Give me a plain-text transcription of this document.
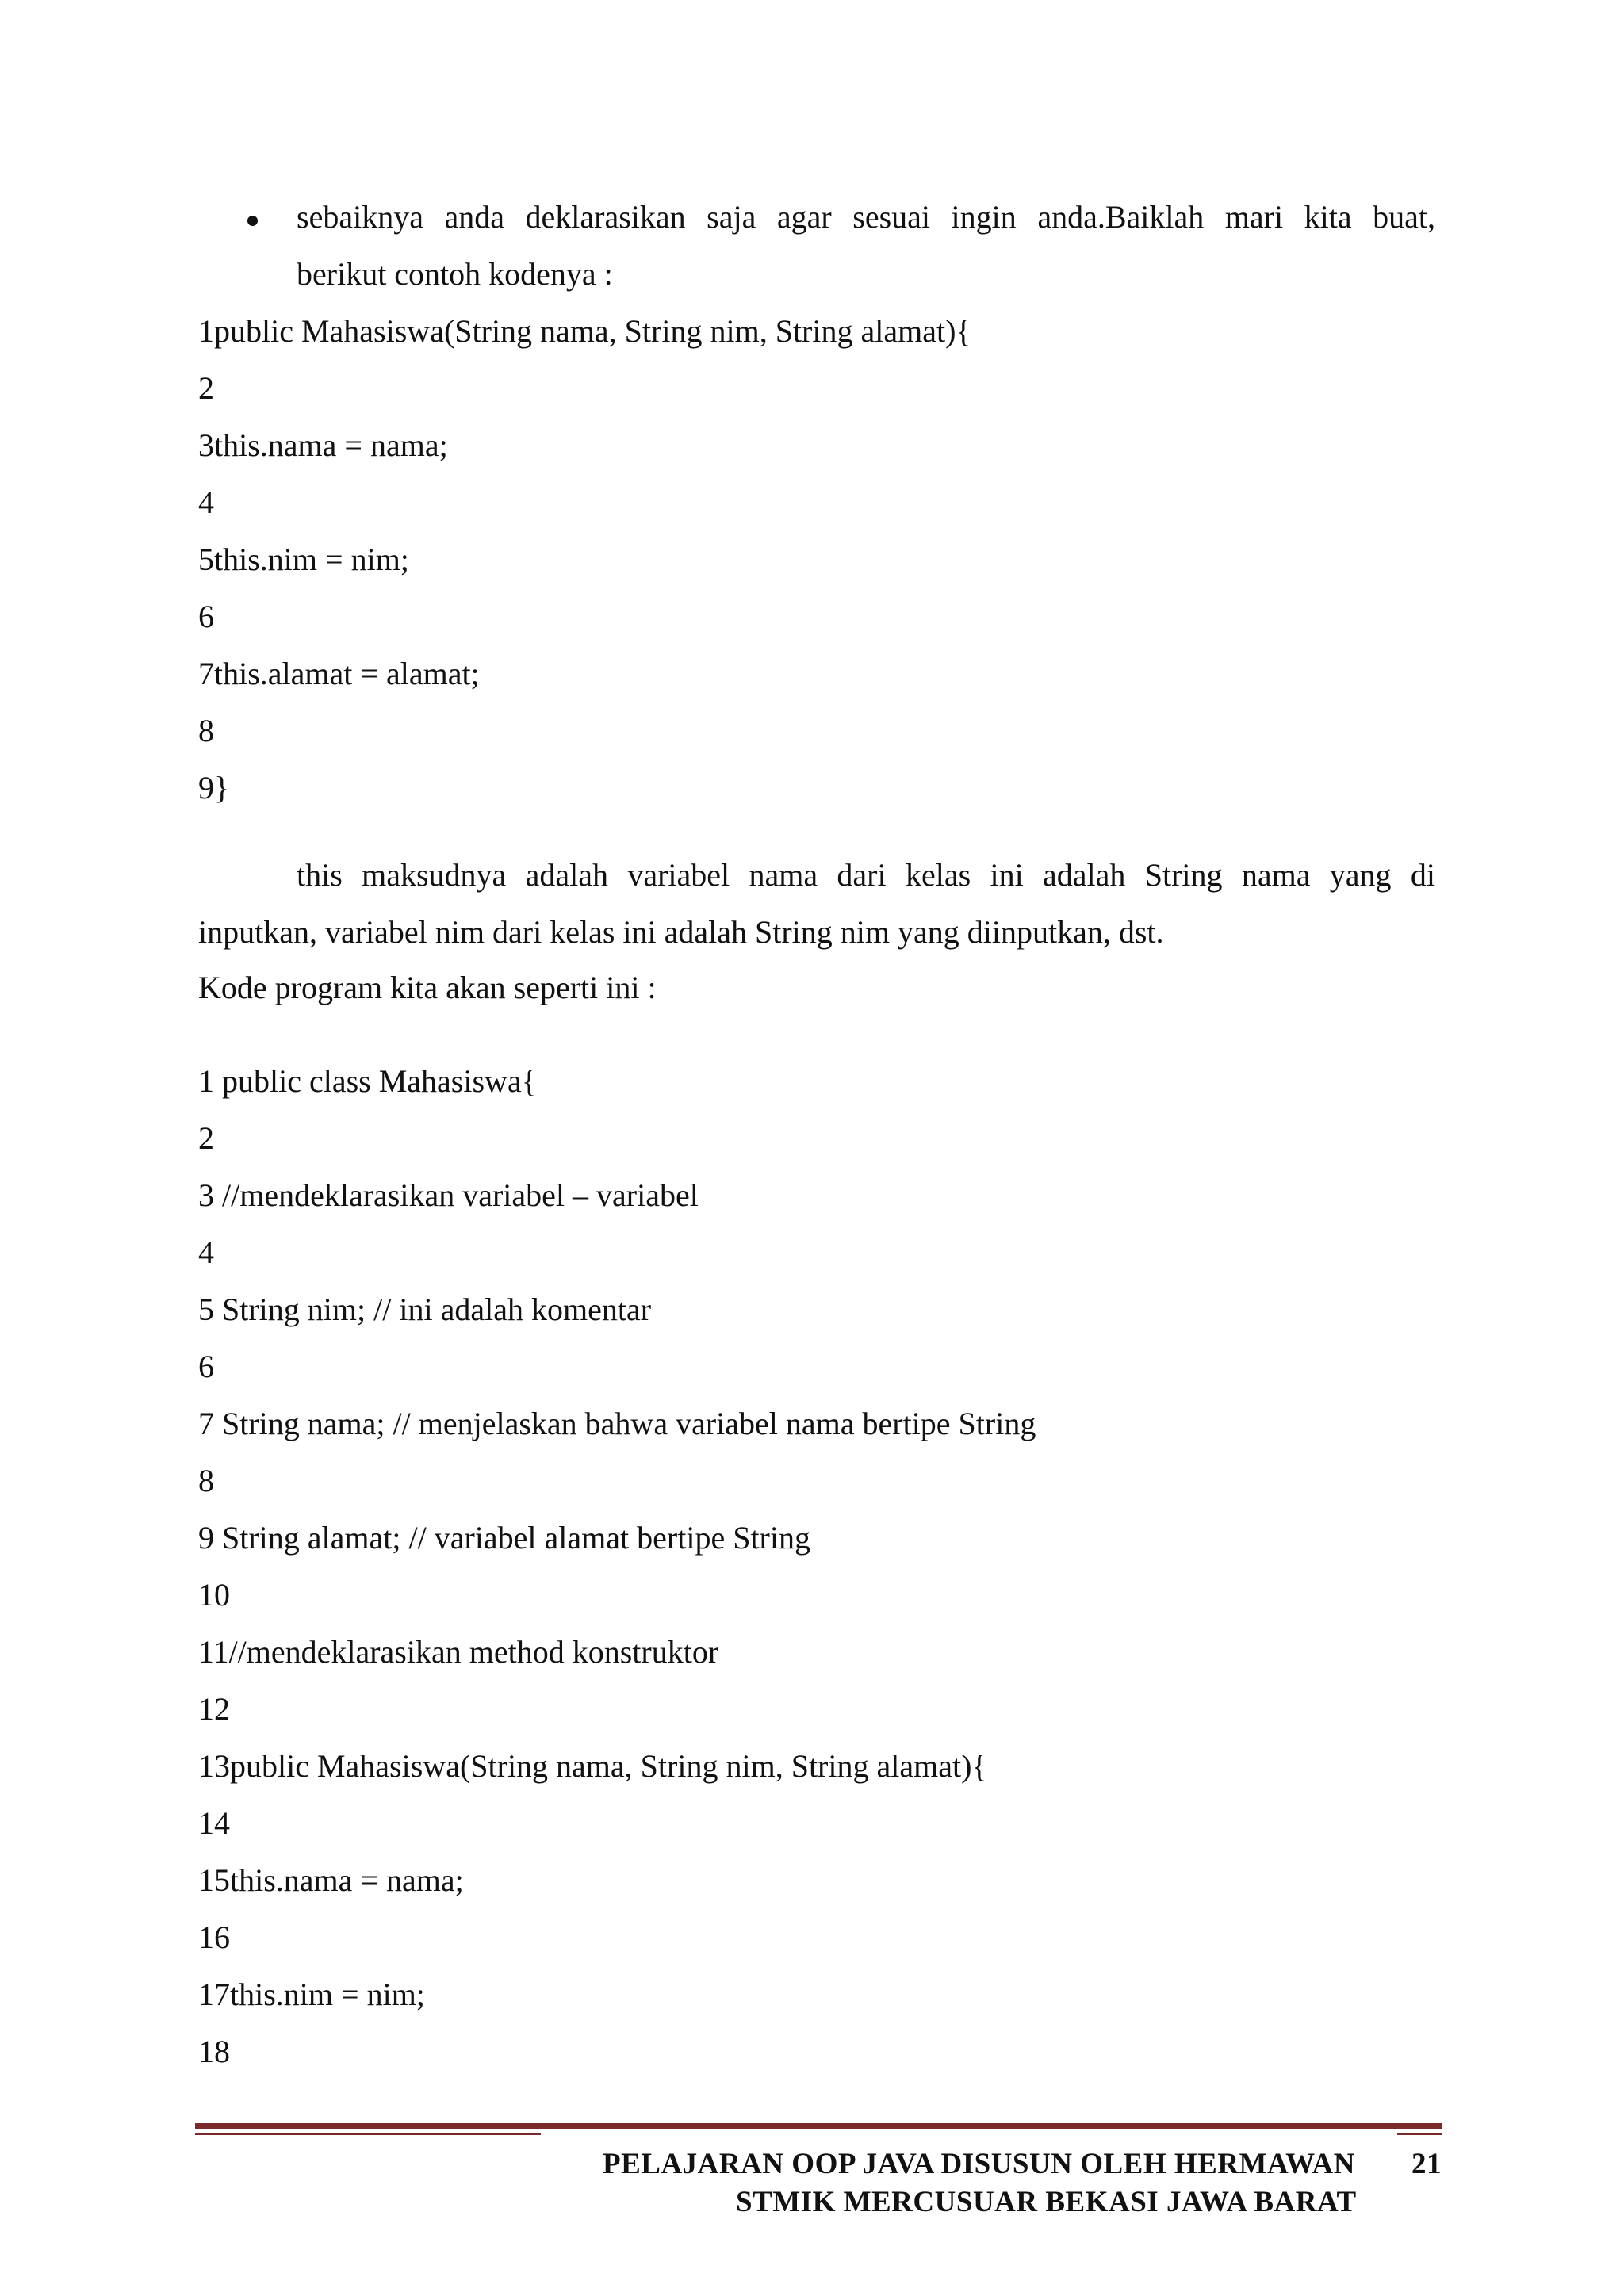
sebaiknya anda deklarasikan saja agar sesuai ingin anda.Baiklah mari kita buat,
berikut contoh kodenya :
1public Mahasiswa(String nama, String nim, String alamat){
2
3this.nama = nama;
4
5this.nim = nim;
6
7this.alamat = alamat;
8
9}
this maksudnya adalah variabel nama dari kelas ini adalah String nama yang di
inputkan, variabel nim dari kelas ini adalah String nim yang diinputkan, dst.
Kode program kita akan seperti ini :
1 public class Mahasiswa{
2
3 //mendeklarasikan variabel – variabel
4
5 String nim; // ini adalah komentar
6
7 String nama; // menjelaskan bahwa variabel nama bertipe String
8
9 String alamat; // variabel alamat bertipe String
10
11//mendeklarasikan method konstruktor
12
13public Mahasiswa(String nama, String nim, String alamat){
14
15this.nama = nama;
16
17this.nim = nim;
18
PELAJARAN OOP JAVA DISUSUN OLEH HERMAWAN 21
STMIK MERCUSUAR BEKASI JAWA BARAT
